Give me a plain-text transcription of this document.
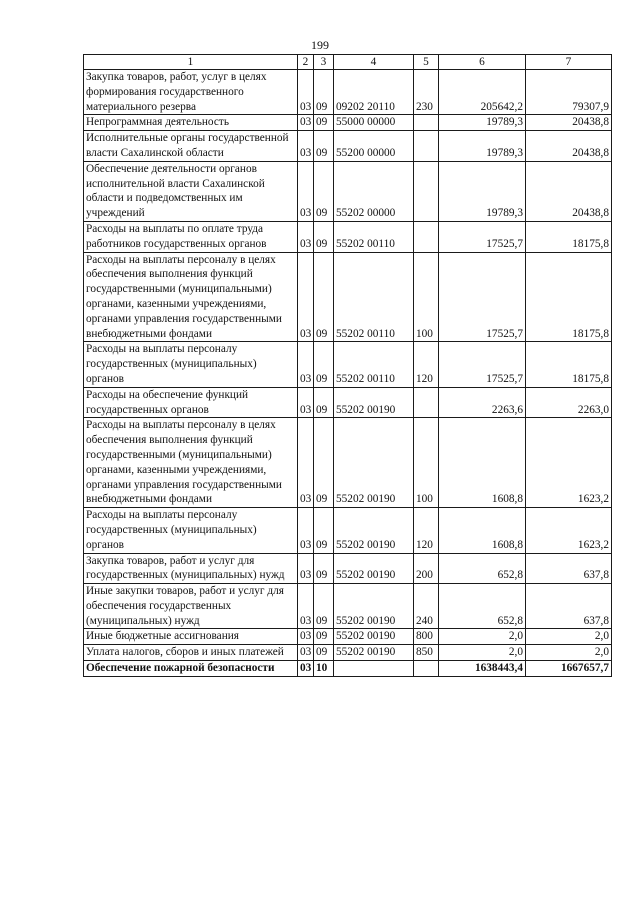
199
1	2	3	4	5	6	7
Закупка товаров, работ, услуг в целях формирования государственного материального резерва	03	09	09202 20110	230	205642,2	79307,9
Непрограммная деятельность	03	09	55000 00000		19789,3	20438,8
Исполнительные органы государственной власти Сахалинской области	03	09	55200 00000		19789,3	20438,8
Обеспечение деятельности органов исполнительной власти Сахалинской области и подведомственных им учреждений	03	09	55202 00000		19789,3	20438,8
Расходы на выплаты по оплате труда работников государственных органов	03	09	55202 00110		17525,7	18175,8
Расходы на выплаты персоналу в целях обеспечения выполнения функций государственными (муниципальными) органами, казенными учреждениями, органами управления государственными внебюджетными фондами	03	09	55202 00110	100	17525,7	18175,8
Расходы на выплаты персоналу государственных (муниципальных) органов	03	09	55202 00110	120	17525,7	18175,8
Расходы на обеспечение функций государственных органов	03	09	55202 00190		2263,6	2263,0
Расходы на выплаты персоналу в целях обеспечения выполнения функций государственными (муниципальными) органами, казенными учреждениями, органами управления государственными внебюджетными фондами	03	09	55202 00190	100	1608,8	1623,2
Расходы на выплаты персоналу государственных (муниципальных) органов	03	09	55202 00190	120	1608,8	1623,2
Закупка товаров, работ и услуг для государственных (муниципальных) нужд	03	09	55202 00190	200	652,8	637,8
Иные закупки товаров, работ и услуг для обеспечения государственных (муниципальных) нужд	03	09	55202 00190	240	652,8	637,8
Иные бюджетные ассигнования	03	09	55202 00190	800	2,0	2,0
Уплата налогов, сборов и иных платежей	03	09	55202 00190	850	2,0	2,0
Обеспечение пожарной безопасности	03	10			1638443,4	1667657,7
